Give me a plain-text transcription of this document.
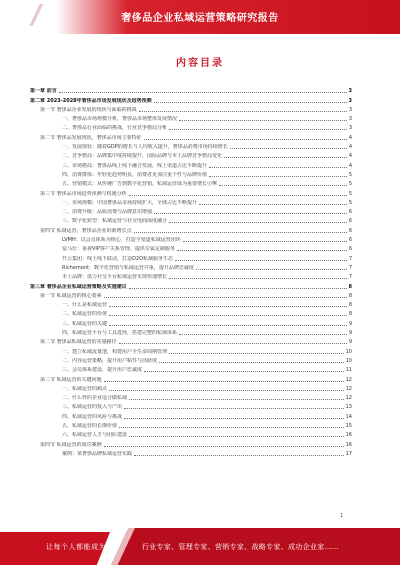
奢侈品企业私域运营策略研究报告
内容目录
第一章 前言	3
第二章 2023-2028年奢侈品市场发展现状及趋势预测	3
第一节 奢侈品企业发展的现状与面临的挑战	3
一、奢侈品市场规模分析，奢侈品市场整体发展情况	3
二、奢侈品行业面临的挑战，行业竞争格局分析	3
第二节 奢侈品发展现状，奢侈品市场主要特征	4
一、发展现状：随着GDP的增长与人均收入提升，奢侈品消费市场持续增长	4
二、竞争格局：品牌集中度持续提升，国际品牌与本土品牌竞争格局变化	4
三、市场格局：奢侈品线上线下融合发展，线上渠道占比不断提升	4
四、消费群体：年轻化趋势明显，消费者更加注重个性与品牌价值	5
五、营销模式：从传统广告到数字化营销，私域运营成为重要增长引擎	5
第三节 奢侈品市场趋势预测与机遇分析	5
一、市场规模：中国奢侈品市场持续扩大，全球占比不断提升	5
二、消费升级：品质消费与品牌意识增强	6
三、数字化转型：私域运营与社交电商深度融合	6
第四节 私域运营，奢侈品企业的新增长点	6
LVMH：以会员体系为核心，打造全渠道私域运营闭环	6
爱马仕：重视VIP客户关系管理，提供专属定制服务	6
开云集团：线上线下联动，打造O2O私域服务生态	7
Richemont：数字化营销与私域运营并重，提升品牌忠诚度	7
本土品牌：借力社交平台私域运营实现快速增长	7
第三章 奢侈品企业私域运营策略及实施建议	8
第一节 私域运营的核心要素	8
一、什么是私域运营	8
二、私域运营的价值	8
三、私域运营的关键	9
四、私域运营平台与工具选择，搭建完整的私域体系	9
第二节 奢侈品私域运营的实施路径	9
一、建立私域流量池，构建用户全生命周期管理	10
二、内容运营策略，提升用户粘性与活跃度	10
三、会员体系建设，提升用户忠诚度	11
第三节 私域运营的关键问题	12
一、私域运营的痛点	12
二、什么样的企业适合做私域	12
三、私域运营的投入与产出	13
四、私域运营的风险与挑战	14
五、私域运营的长期价值	15
六、私域运营人才与团队建设	16
第四节 私域运营的成功案例	16
案例：某奢侈品牌私域运营实践	17
1
让每个人都能成为	行业专家、管理专家、营销专家、战略专家、成功企业家……
